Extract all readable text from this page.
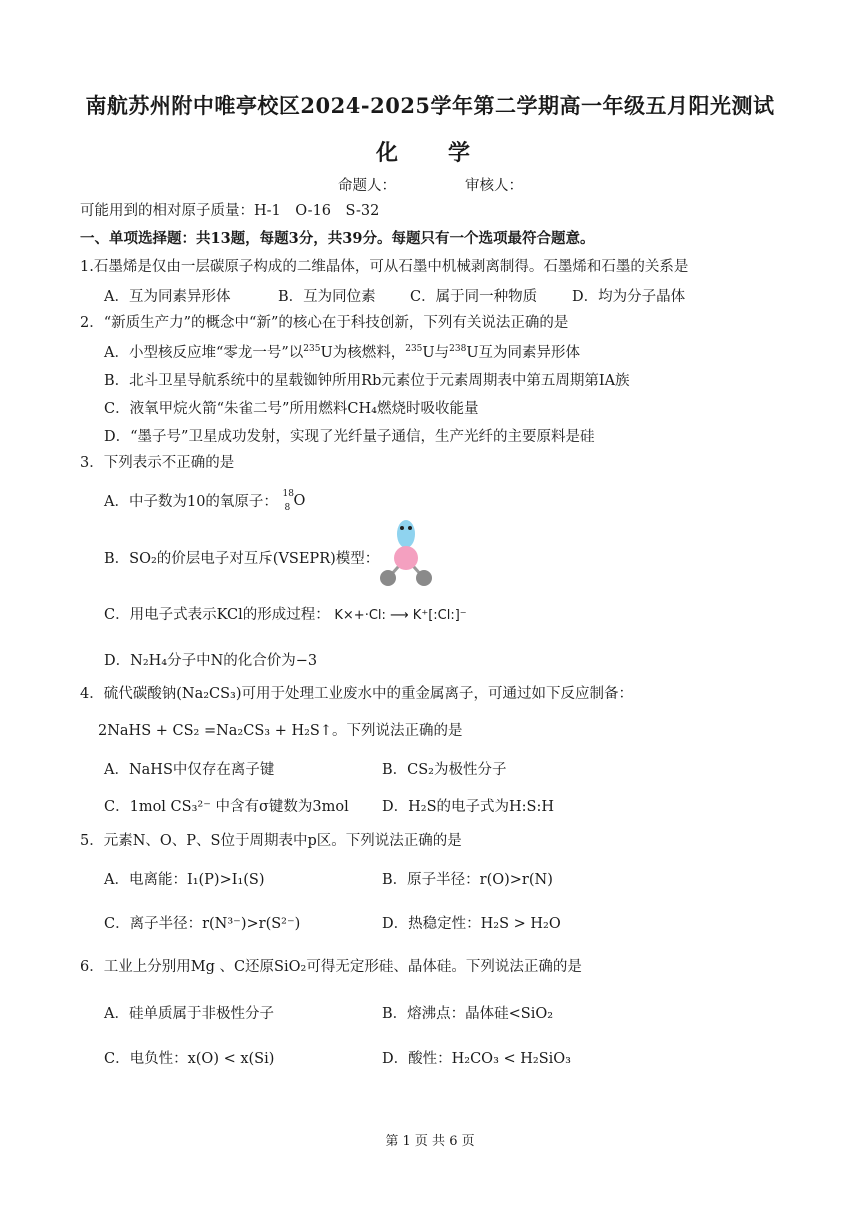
南航苏州附中唯亭校区2024-2025学年第二学期高一年级五月阳光测试
化　学
命题人：	审核人：
可能用到的相对原子质量：H-1　O-16　S-32
一、单项选择题：共13题，每题3分，共39分。每题只有一个选项最符合题意。
1.石墨烯是仅由一层碳原子构成的二维晶体，可从石墨中机械剥离制得。石墨烯和石墨的关系是
A．互为同素异形体	B．互为同位素 C．属于同一种物质 D．均为分子晶体
2．“新质生产力”的概念中“新”的核心在于科技创新，下列有关说法正确的是
A．小型核反应堆“零龙一号”以$^{235}$U为核燃料，$^{235}$U与$^{238}$U互为同素异形体
B．北斗卫星导航系统中的星载铷钟所用Rb元素位于元素周期表中第五周期第IA族
C．液氧甲烷火箭“朱雀二号”所用燃料CH₄燃烧时吸收能量
D．“墨子号”卫星成功发射，实现了光纤量子通信，生产光纤的主要原料是硅
3．下列表示不正确的是
A．中子数为10的氧原子： 18
8 O
B．SO₂的价层电子对互斥(VSEPR)模型：
C．用电子式表示KCl的形成过程： K×+·Cl: ⟶ K⁺[:Cl:]⁻
D．N₂H₄分子中N的化合价为−3
4．硫代碳酸钠(Na₂CS₃)可用于处理工业废水中的重金属离子，可通过如下反应制备：
2NaHS + CS₂ =Na₂CS₃ + H₂S↑。下列说法正确的是
A．NaHS中仅存在离子键	B．CS₂为极性分子
C．1mol CS₃²⁻ 中含有σ键数为3mol D．H₂S的电子式为H:S:H
5．元素N、O、P、S位于周期表中p区。下列说法正确的是
A．电离能：I₁(P)>I₁(S)	B．原子半径：r(O)>r(N)
C．离子半径：r(N³⁻)>r(S²⁻)	D．热稳定性：H₂S > H₂O
6．工业上分别用Mg 、C还原SiO₂可得无定形硅、晶体硅。下列说法正确的是
A．硅单质属于非极性分子	B．熔沸点：晶体硅<SiO₂
C．电负性：x(O) < x(Si)	D．酸性：H₂CO₃ < H₂SiO₃
第 1 页 共 6 页
